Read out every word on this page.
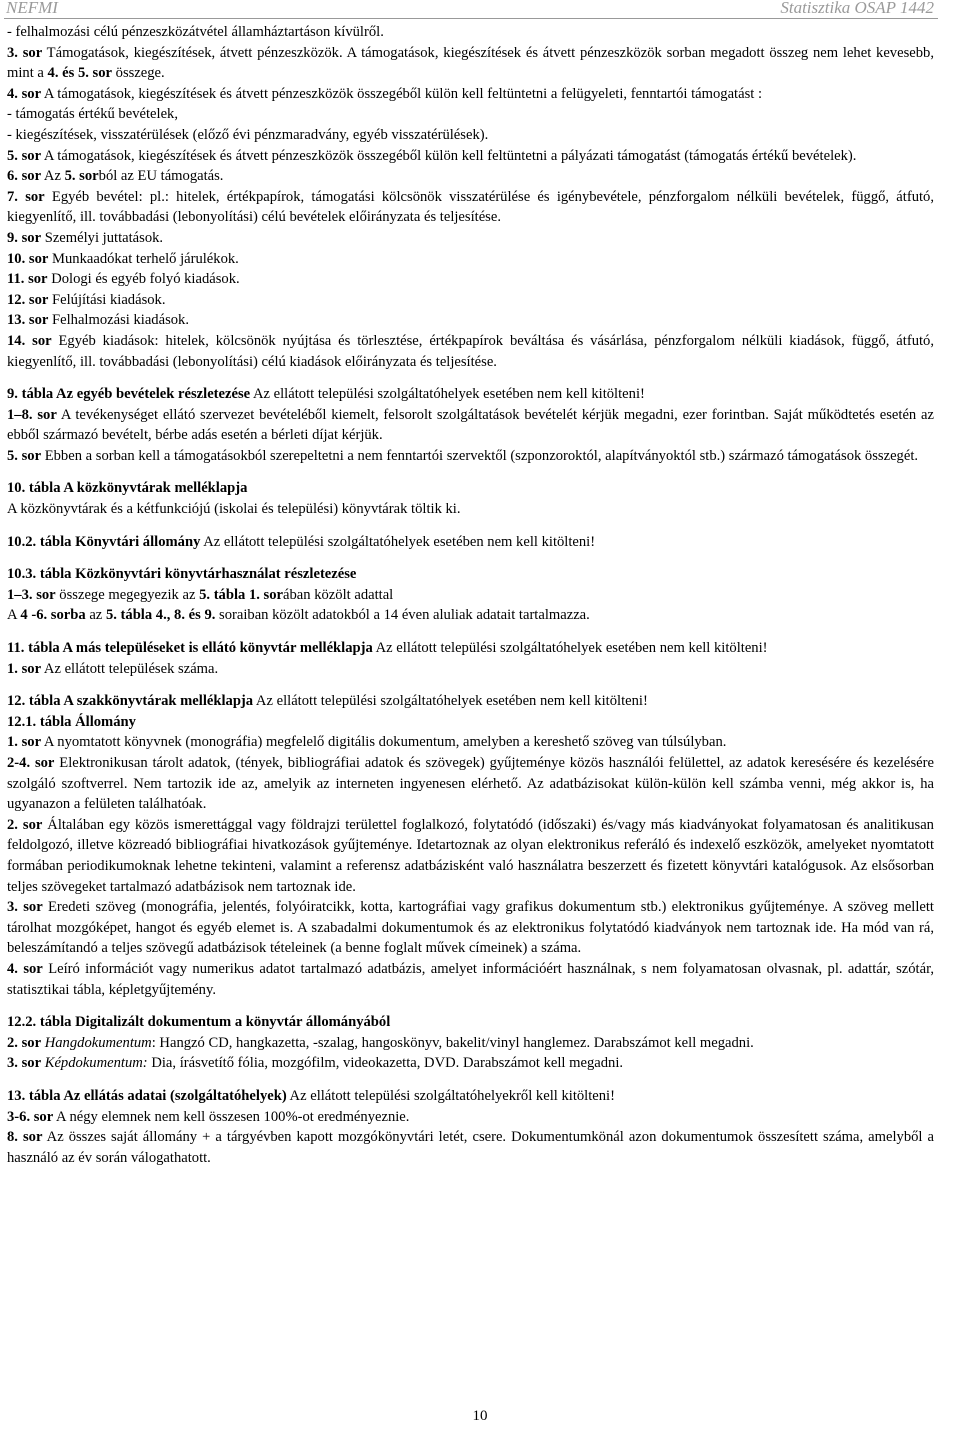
NEFMI	Statisztika OSAP 1442

- felhalmozási célú pénzeszközátvétel államháztartáson kívülről.

3. sor Támogatások, kiegészítések, átvett pénzeszközök. A támogatások, kiegészítések és átvett pénzeszközök sorban megadott összeg nem lehet kevesebb, mint a 4. és 5. sor összege.

4. sor A támogatások, kiegészítések és átvett pénzeszközök összegéből külön kell feltüntetni a felügyeleti, fenntartói támogatást :

- támogatás értékű bevételek,

- kiegészítések, visszatérülések (előző évi pénzmaradvány, egyéb visszatérülések).

5. sor A támogatások, kiegészítések és átvett pénzeszközök összegéből külön kell feltüntetni a pályázati támogatást (támogatás értékű bevételek).

6. sor Az 5. sorból az EU támogatás.

7. sor Egyéb bevétel: pl.: hitelek, értékpapírok, támogatási kölcsönök visszatérülése és igénybevétele, pénzforgalom nélküli bevételek, függő, átfutó, kiegyenlítő, ill. továbbadási (lebonyolítási) célú bevételek előirányzata és teljesítése.

9. sor Személyi juttatások.

10. sor Munkaadókat terhelő járulékok.

11. sor Dologi és egyéb folyó kiadások.

12. sor Felújítási kiadások.

13. sor Felhalmozási kiadások.

14. sor Egyéb kiadások: hitelek, kölcsönök nyújtása és törlesztése, értékpapírok beváltása és vásárlása, pénzforgalom nélküli kiadások, függő, átfutó, kiegyenlítő, ill. továbbadási (lebonyolítási) célú kiadások előirányzata és teljesítése.

9. tábla Az egyéb bevételek részletezése Az ellátott települési szolgáltatóhelyek esetében nem kell kitölteni!

1–8. sor A tevékenységet ellátó szervezet bevételéből kiemelt, felsorolt szolgáltatások bevételét kérjük megadni, ezer forintban. Saját működtetés esetén az ebből származó bevételt, bérbe adás esetén a bérleti díjat kérjük.

5. sor Ebben a sorban kell a támogatásokból szerepeltetni a nem fenntartói szervektől (szponzoroktól, alapítványoktól stb.) származó támogatások összegét.

10. tábla A közkönyvtárak melléklapja

A közkönyvtárak és a kétfunkciójú (iskolai és települési) könyvtárak töltik ki.

10.2. tábla Könyvtári állomány Az ellátott települési szolgáltatóhelyek esetében nem kell kitölteni!

10.3. tábla Közkönyvtári könyvtárhasználat részletezése

1–3. sor összege megegyezik az 5. tábla 1. sorában közölt adattal

A 4 -6. sorba az 5. tábla 4., 8. és 9. soraiban közölt adatokból a 14 éven aluliak adatait tartalmazza.

11. tábla A más településeket is ellátó könyvtár melléklapja Az ellátott települési szolgáltatóhelyek esetében nem kell kitölteni!

1. sor Az ellátott települések száma.

12. tábla A szakkönyvtárak melléklapja Az ellátott települési szolgáltatóhelyek esetében nem kell kitölteni!

12.1. tábla Állomány

1. sor A nyomtatott könyvnek (monográfia) megfelelő digitális dokumentum, amelyben a kereshető szöveg van túlsúlyban.

2-4. sor Elektronikusan tárolt adatok, (tények, bibliográfiai adatok és szövegek) gyűjteménye közös használói felülettel, az adatok keresésére és kezelésére szolgáló szoftverrel. Nem tartozik ide az, amelyik az interneten ingyenesen elérhető. Az adatbázisokat külön-külön kell számba venni, még akkor is, ha ugyanazon a felületen találhatóak.

2. sor Általában egy közös ismerettággal vagy földrajzi területtel foglalkozó, folytatódó (időszaki) és/vagy más kiadványokat folyamatosan és analitikusan feldolgozó, illetve közreadó bibliográfiai hivatkozások gyűjteménye. Idetartoznak az olyan elektronikus referáló és indexelő eszközök, amelyeket nyomtatott formában periodikumoknak lehetne tekinteni, valamint a referensz adatbázisként való használatra beszerzett és fizetett könyvtári katalógusok. Az elsősorban teljes szövegeket tartalmazó adatbázisok nem tartoznak ide.

3. sor Eredeti szöveg (monográfia, jelentés, folyóiratcikk, kotta, kartográfiai vagy grafikus dokumentum stb.) elektronikus gyűjteménye. A szöveg mellett tárolhat mozgóképet, hangot és egyéb elemet is. A szabadalmi dokumentumok és az elektronikus folytatódó kiadványok nem tartoznak ide. Ha mód van rá, beleszámítandó a teljes szövegű adatbázisok tételeinek (a benne foglalt művek címeinek) a száma.

4. sor Leíró információt vagy numerikus adatot tartalmazó adatbázis, amelyet információért használnak, s nem folyamatosan olvasnak, pl. adattár, szótár, statisztikai tábla, képletgyűjtemény.

12.2. tábla Digitalizált dokumentum a könyvtár állományából

2. sor Hangdokumentum: Hangzó CD, hangkazetta, -szalag, hangoskönyv, bakelit/vinyl hanglemez. Darabszámot kell megadni.

3. sor Képdokumentum: Dia, írásvetítő fólia, mozgófilm, videokazetta, DVD. Darabszámot kell megadni.

13. tábla Az ellátás adatai (szolgáltatóhelyek) Az ellátott települési szolgáltatóhelyekről kell kitölteni!

3-6. sor A négy elemnek nem kell összesen 100%-ot eredményeznie.

8. sor Az összes saját állomány + a tárgyévben kapott mozgókönyvtári letét, csere. Dokumentumkönál azon dokumentumok összesített száma, amelyből a használó az év során válogathatott.

10
